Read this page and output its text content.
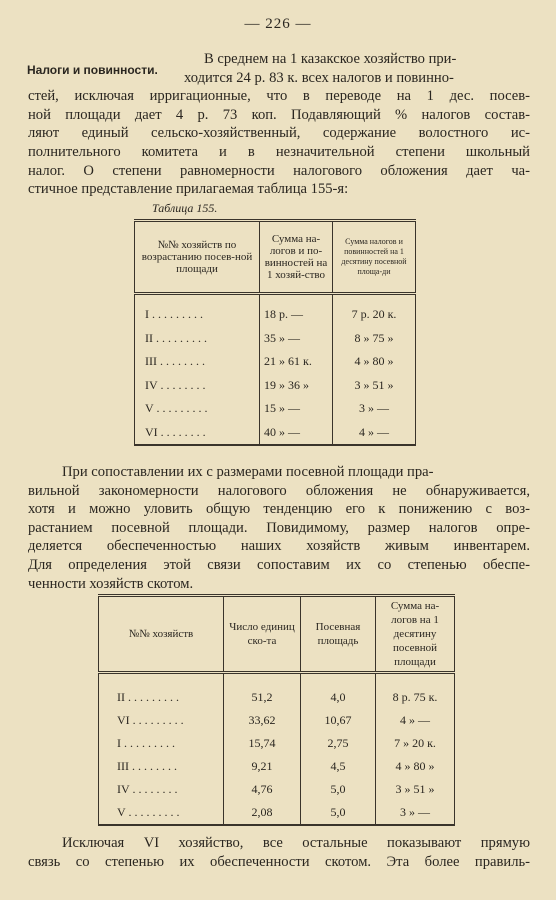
— 226 —
Налоги и повинности.
В среднем на 1 казакское хозяйство при-
ходится 24 р. 83 к. всех налогов и повинно-
стей, исключая ирригационные, что в переводе на 1 дес. посев-
ной площади дает 4 р. 73 коп. Подавляющий % налогов состав-
ляют единый сельско-хозяйственный, содержание волостного ис-
полнительного комитета и в незначительной степени школьный
налог. О степени равномерности налогового обложения дает ча-
стичное представление прилагаемая таблица 155-я:
Таблица 155.
№№ хозяйств по возрастанию посев-ной площади	Сумма на-логов и по-винностей на 1 хозяй-ство	Сумма налогов и повинностей на 1 десятину посевной площа-ди

I . . . . . . . . .	18 р. —	7 р. 20 к.
II . . . . . . . . .	35 » —	8 » 75 »
III . . . . . . . .	21 » 61 к.	4 » 80 »
IV . . . . . . . .	19 » 36 »	3 » 51 »
V . . . . . . . . .	15 » —	3 » —
VI . . . . . . . .	40 » —	4 » —
При сопоставлении их с размерами посевной площади пра-
вильной закономерности налогового обложения не обнаруживается,
хотя и можно уловить общую тенденцию его к понижению с воз-
растанием посевной площади. Повидимому, размер налогов опре-
деляется обеспеченностью наших хозяйств живым инвентарем.
Для определения этой связи сопоставим их со степенью обеспе-
ченности хозяйств скотом.
№№ хозяйств	Число единиц ско-та	Посевная площадь	Сумма на-логов на 1 десятину посевной площади

II . . . . . . . . .	51,2	4,0	8 р. 75 к.
VI . . . . . . . . .	33,62	10,67	4 » —
I . . . . . . . . .	15,74	2,75	7 » 20 к.
III . . . . . . . .	9,21	4,5	4 » 80 »
IV . . . . . . . .	4,76	5,0	3 » 51 »
V . . . . . . . . .	2,08	5,0	3 » —
Исключая VI хозяйство, все остальные показывают прямую
связь со степенью их обеспеченности скотом. Эта более правиль-
